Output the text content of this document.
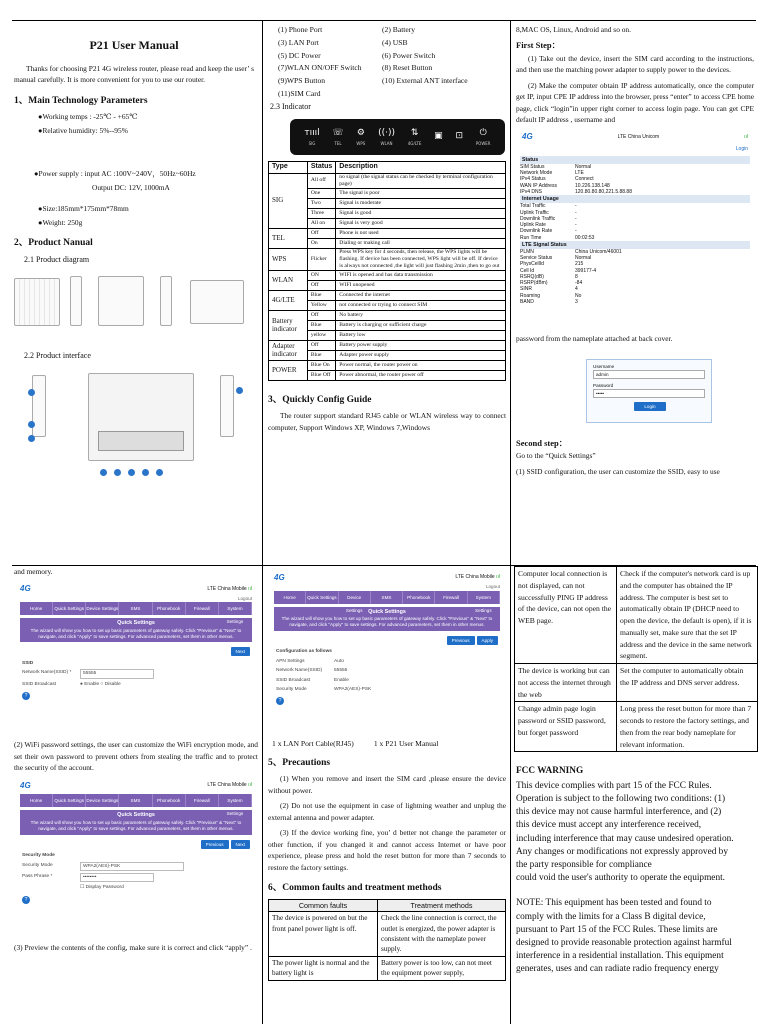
P21 User Manual

Thanks for choosing P21 4G wireless router, please read and keep the user’ s manual carefully. It is more convenient for you to use our router.

1、Main Technology Parameters
●Working temps : -25℃ - +65℃
●Relative humidity: 5%--95%
●Power supply : input AC :100V~240V，50Hz~60Hz
Output DC: 12V, 1000mA
●Size:185mm*175mm*78mm
●Weight: 250g
2、Product Nanual
2.1 Product diagram
2.2 Product interface
(1) Phone Port	(2) Battery
(3) LAN Port	(4) USB
(5) DC Power	(6) Power Switch
(7)WLAN ON/OFF Switch	(8) Reset Button
(9)WPS Button	(10) External ANT interface
(11)SIM Card
2.3 Indicator
ᴛıııl
SIG
☏
TEL
⚙
WPS
((·))
WLAN
⇅
4G/LTE
▣ ⊡ ⏻
POWER
Type	Status	Description
SIG	All off	no signal (the signal status can be checked by terminal configuration page)
	One	The signal is poor
	Two	Signal is moderate
	Three	Signal is good
	All on	Signal is very good
TEL	Off	Phone is not used
	On	Dialing or making call
WPS	Flicker	Press WPS key for 4 seconds, then release, the WPS lights will be flashing. If device has been connected, WPS light will be off. If device is always not connected ,the light will just flashing 2min ,then to go out
WLAN	ON	WIFI is opened and has data transmission
	Off	WIFI unopened
4G/LTE	Blue	Connected the internet
	Yellow	not connected or trying to connect SIM
Battery indicator	Off	No battery
	Blue	Battery is charging or sufficient charge
	yellow	Battery low
Adapter indicator	Off	Battery power supply
	Blue	Adapter power supply
POWER	Blue On	Power normal, the router power on
	Blue Off	Power abnormal, the router power off
3、Quickly Config Guide

The router support standard RJ45 cable or WLAN wireless way to connect computer, Support Windows XP, Windows 7,Windows

8,MAC OS, Linux, Android and so on.

First Step：

(1) Take out the device, insert the SIM card according to the instructions, and then use the matching power adapter to supply power to the devices.

(2) Make the computer obtain IP address automatically, once the computer get IP, input CPE IP address into the browser, press “enter” to access CPE home page, click “login”in upper right corner to access login page. You can get CPE default IP address , username and

4G	LTE China Unicom	ııl
Login
Status
SIM Status	Normal
Network Mode	LTE
IPv4 Status	Connect
WAN IP Address	10.226.138.148
IPv4 DNS	120.80.80.80,221.5.88.88
Internet Usage
Total Traffic	-
Uplink Traffic	-
Downlink Traffic	-
Uplink Rate	-
Downlink Rate	-
Run Time	00:02:53
LTE Signal Status
PLMN	China Unicom/46001
Service Status	Normal
PhysCellId	215
Cell Id	399177-4
RSRQ(dB)	8
RSRP(dBm)	-84
SINR	4
Roaming	No
BAND	3

password from the nameplate attached at back cover.

Username
admin
Password
•••••
Login
Second step：

Go to the “Quick Settings”

(1) SSID configuration, the user can customize the SSID, easy to use

and memory.

4G	LTE China Mobile ııl
Logout
Home	Quick Settings Device Settings	SMS	Phonebook	Firewall	System Settings
Quick Settings
The wizard will show you how to set up basic parameters of gateway safely. Click "Previous" & "Next" to navigate, and click "Apply" to save settings. For advanced parameters, set them in other menus.
Next
SSID
Network Name(SSID) *	55555
SSID Broadcast	● Enable ○ Disable
?

(2) WiFi password settings, the user can customize the WiFi encryption mode, and set their own password to prevent others from stealing the traffic and to protect the security of the account.

4G	LTE China Mobile ııl
Home	Quick Settings Device Settings	SMS	Phonebook	Firewall	System Settings
Quick Settings
The wizard will show you how to set up basic parameters of gateway safely. Click "Previous" & "Next" to navigate, and click "Apply" to save settings. For advanced parameters, set them in other menus.
Previous	Next
Security Mode
Security Mode	WPA2(AES)-PSK
Pass Phrase *	••••••••
☐ Display Password
?

(3) Preview the contents of the config, make sure it is correct and click “apply” .

4G	LTE China Mobile ııl
Logout
Home	Quick Settings	Device Settings
SMS	Phonebook	Firewall	System Settings
Quick Settings
The wizard will show you how to set up basic parameters of gateway safely. Click "Previous" & "Next" to navigate, and click "Apply" to save settings. For advanced parameters, set them in other menus.
Previous	Apply
Configuration as follows
APN Settings	Auto
Network Name(SSID)	55555
SSID Broadcast	Enable
Security Mode	WPA2(AES)-PSK
?
1 x LAN Port Cable(RJ45)	1 x P21 User Manual
5、Precautions

(1) When you remove and insert the SIM card ,please ensure the device without power.

(2) Do not use the equipment in case of lightning weather and unplug the external antenna and power adapter.

(3) If the device working fine, you’ d better not change the parameter or other function, if you changed it and cannot access Internet or have poor experience, please press and hold the reset button for more than 7 seconds to restore the factory settings.

6、Common faults and treatment methods
Common faults	Treatment methods
The device is powered on but the front panel power light is off.	Check the line connection is correct, the outlet is energized, the power adapter is consistent with the nameplate power supply.
The power light is normal and the battery light is	Battery power is too low, can not meet the equipment power supply,
Computer local connection is not displayed, can not successfully PING IP address of the device, can not open the WEB page.	Check if the computer's network card is up and the computer has obtained the IP address. The computer is best set to automatically obtain IP (DHCP need to open the device, the default is open), if it is manually set, make sure that the set IP address and the device in the same network segment.
The device is working but can not access the internet through the web	Set the computer to automatically obtain the IP address and DNS server address.
Change admin page login password or SSID password, but forget password	Long press the reset button for more than 7 seconds to restore the factory settings, and then from the rear body nameplate for relevant information.
FCC WARNING

This device complies with part 15 of the FCC Rules.

Operation is subject to the following two conditions: (1)

this device may not cause harmful interference, and (2)

this device must accept any interference received,

including interference that may cause undesired operation.

Any changes or modifications not expressly approved by

the party responsible for compliance

could void the user's authority to operate the equipment.

NOTE: This equipment has been tested and found to

comply with the limits for a Class B digital device,

pursuant to Part 15 of the FCC Rules. These limits are

designed to provide reasonable protection against harmful

interference in a residential installation. This equipment

generates, uses and can radiate radio frequency energy
